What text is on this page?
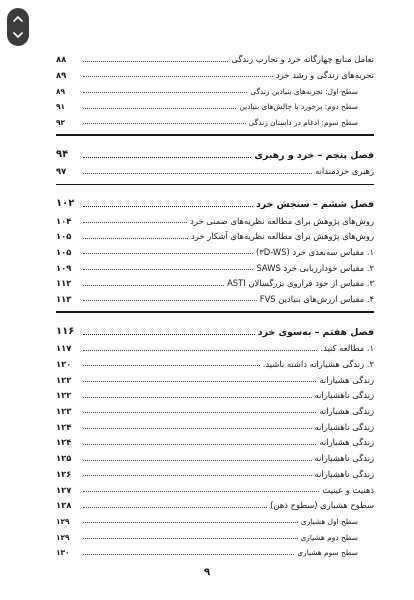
تعامل منابع چهارگانه خرد و تجارب زندگی
۸۸
تجربه‌های زندگی و رشد خرد
۸۹
سطح اول: تجربه‌های بنیادین زندگی
۸۹
سطح دوم: برخورد با چالش‌های بنیادین
۹۱
سطح سوم: ادغام در داستان زندگی
۹۲
فصل پنجم – خرد و رهبری
۹۴
رهبری خردمندانه
۹۷
فصل ششم – سنجش خرد
۱۰۲
روش‌های پژوهش برای مطالعه نظریه‌های ضمنی خرد
۱۰۴
روش‌های پژوهش برای مطالعه نظریه‌های آشکار خرد
۱۰۵
۱. مقیاس سه‌بعدی خرد (۳D-WS)
۱۰۵
۲. مقیاس خودارزیابی خرد SAWS
۱۰۹
۳. مقیاس از خود فراروی بزرگسالان ASTI
۱۱۲
۴. مقیاس ارزش‌های بنیادین FVS
۱۱۳
فصل هفتم – به‌سوی خرد
۱۱۶
۱. مطالعه کنید.
۱۱۷
۲. زندگی هشیارانه داشته باشید.
۱۲۰
زندگی هشیارانه
۱۲۲
زندگی ناهشیارانه
۱۲۲
زندگی هشیارانه
۱۲۳
زندگی ناهشیارانه
۱۲۴
زندگی هشیارانه
۱۲۴
زندگی ناهشیارانه
۱۲۵
زندگی ناهشیارانه
۱۲۶
ذهنیت و عینیت
۱۲۷
سطوح هشیاری (سطوح ذهن)
۱۲۸
سطح اول هشیاری
۱۲۹
سطح دوم هشیاری
۱۲۹
سطح سوم هشیاری
۱۳۰
۹
